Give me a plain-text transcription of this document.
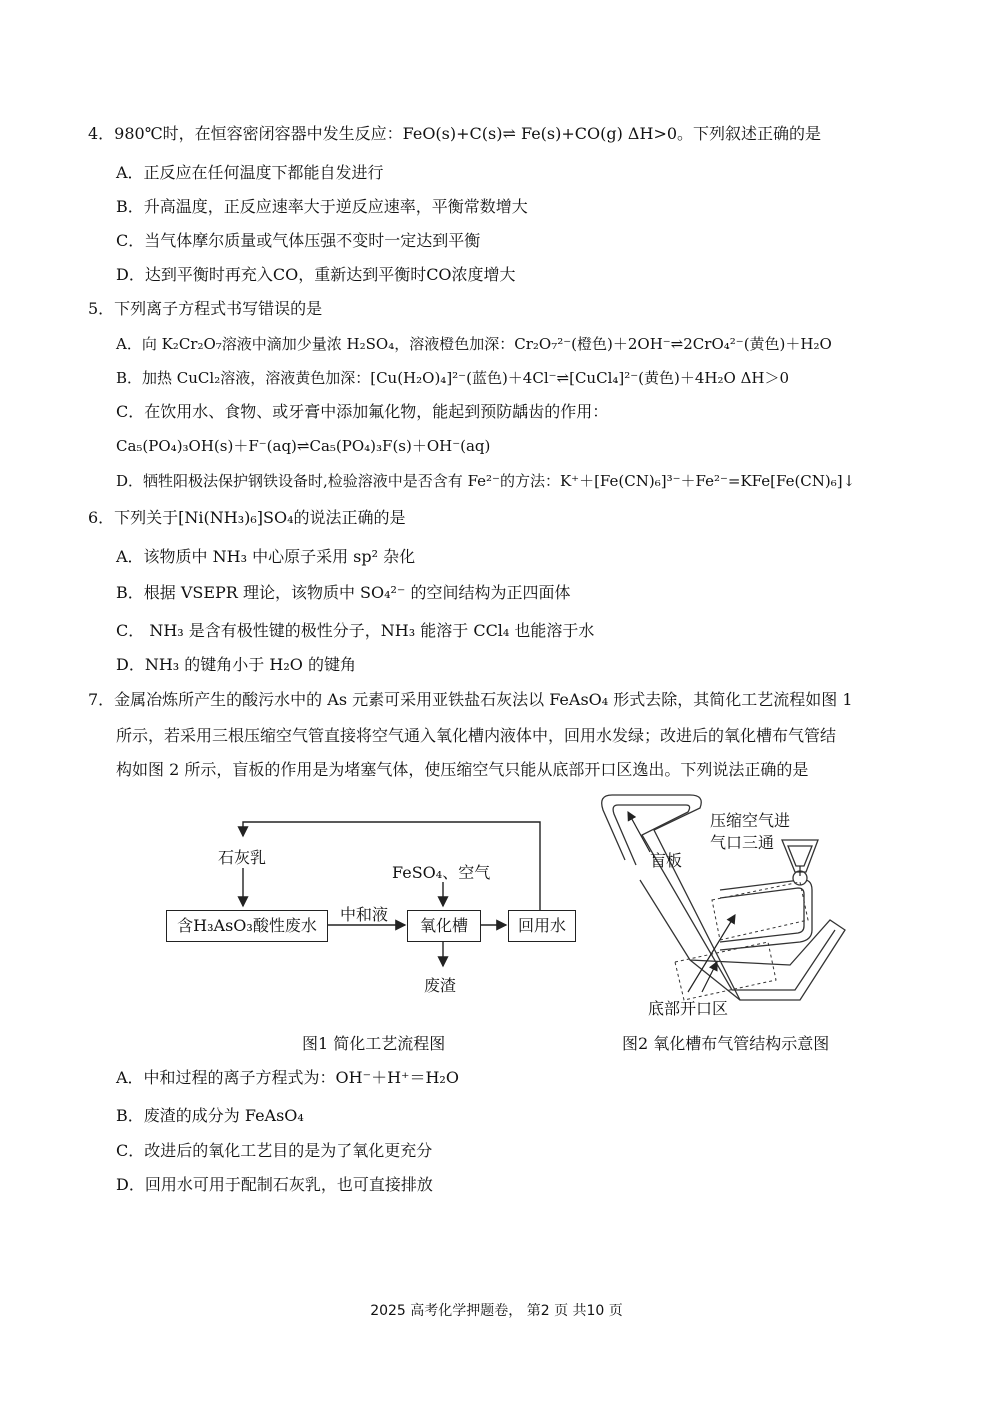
4．980℃时，在恒容密闭容器中发生反应：FeO(s)+C(s)⇌ Fe(s)+CO(g) ΔH>0。下列叙述正确的是
A．正反应在任何温度下都能自发进行
B．升高温度，正反应速率大于逆反应速率，平衡常数增大
C．当气体摩尔质量或气体压强不变时一定达到平衡
D．达到平衡时再充入CO，重新达到平衡时CO浓度增大
5．下列离子方程式书写错误的是
A．向 K₂Cr₂O₇溶液中滴加少量浓 H₂SO₄，溶液橙色加深：Cr₂O₇²⁻(橙色)＋2OH⁻⇌2CrO₄²⁻(黄色)＋H₂O
B．加热 CuCl₂溶液，溶液黄色加深：[Cu(H₂O)₄]²⁻(蓝色)＋4Cl⁻⇌[CuCl₄]²⁻(黄色)＋4H₂O ΔH＞0
C．在饮用水、食物、或牙膏中添加氟化物，能起到预防龋齿的作用：
Ca₅(PO₄)₃OH(s)＋F⁻(aq)⇌Ca₅(PO₄)₃F(s)＋OH⁻(aq)
D．牺牲阳极法保护钢铁设备时,检验溶液中是否含有 Fe²⁻的方法：K⁺＋[Fe(CN)₆]³⁻＋Fe²⁻=KFe[Fe(CN)₆]↓
6．下列关于[Ni(NH₃)₆]SO₄的说法正确的是
A．该物质中 NH₃ 中心原子采用 sp² 杂化
B．根据 VSEPR 理论，该物质中 SO₄²⁻ 的空间结构为正四面体
C． NH₃ 是含有极性键的极性分子，NH₃ 能溶于 CCl₄ 也能溶于水
D．NH₃ 的键角小于 H₂O 的键角
7．金属冶炼所产生的酸污水中的 As 元素可采用亚铁盐石灰法以 FeAsO₄ 形式去除，其简化工艺流程如图 1
所示，若采用三根压缩空气管直接将空气通入氧化槽内液体中，回用水发绿；改进后的氧化槽布气管结
构如图 2 所示，盲板的作用是为堵塞气体，使压缩空气只能从底部开口区逸出。下列说法正确的是
石灰乳
FeSO₄、空气
中和液
含H₃AsO₃酸性废水	氧化槽	回用水
废渣
图1 简化工艺流程图
压缩空气进
气口三通
盲板
底部开口区
图2 氧化槽布气管结构示意图
A．中和过程的离子方程式为：OH⁻＋H⁺＝H₂O
B．废渣的成分为 FeAsO₄
C．改进后的氧化工艺目的是为了氧化更充分
D．回用水可用于配制石灰乳，也可直接排放
2025 高考化学押题卷， 第2 页 共10 页
